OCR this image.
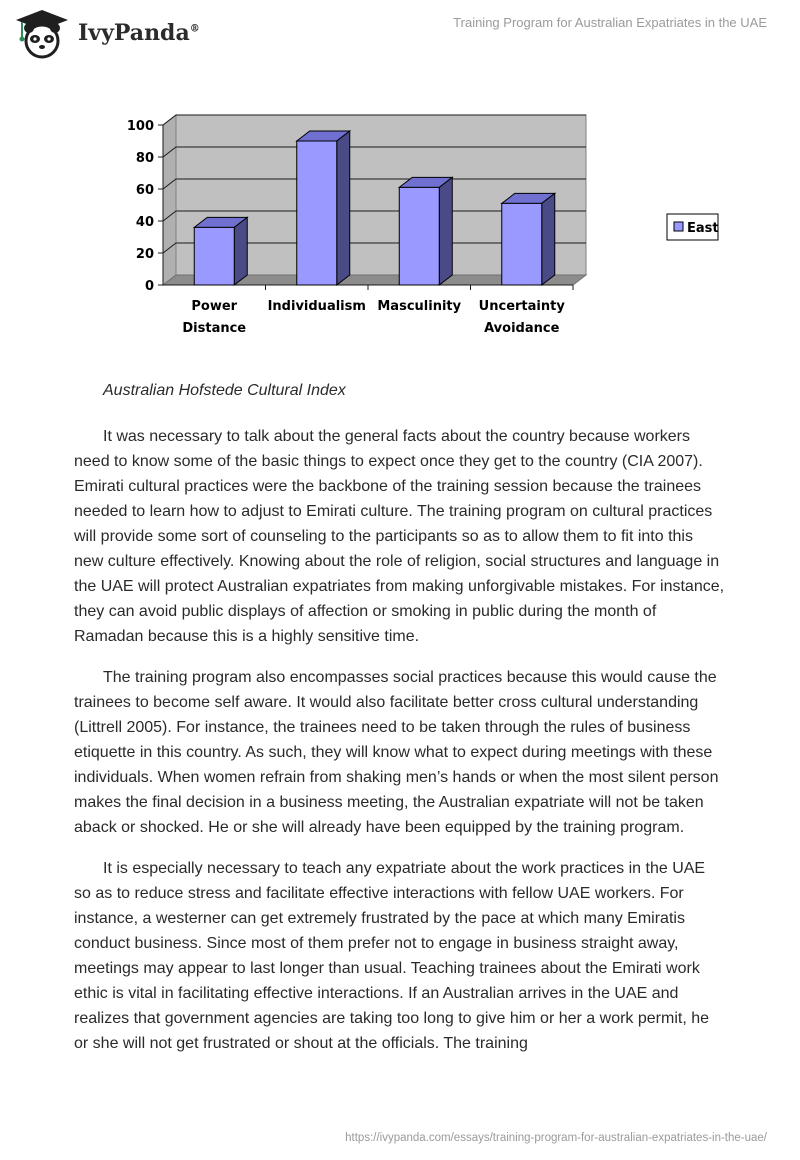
IvyPanda®	Training Program for Australian Expatriates in the UAE
0
20
40
60
80
100
Power Distance
Individualism Masculinity Uncertainty Avoidance
East
Australian Hofstede Cultural Index

It was necessary to talk about the general facts about the country because workers need to know some of the basic things to expect once they get to the country (CIA 2007). Emirati cultural practices were the backbone of the training session because the trainees needed to learn how to adjust to Emirati culture. The training program on cultural practices will provide some sort of counseling to the participants so as to allow them to fit into this new culture effectively. Knowing about the role of religion, social structures and language in the UAE will protect Australian expatriates from making unforgivable mistakes. For instance, they can avoid public displays of affection or smoking in public during the month of Ramadan because this is a highly sensitive time.

The training program also encompasses social practices because this would cause the trainees to become self aware. It would also facilitate better cross cultural understanding (Littrell 2005). For instance, the trainees need to be taken through the rules of business etiquette in this country. As such, they will know what to expect during meetings with these individuals. When women refrain from shaking men’s hands or when the most silent person makes the final decision in a business meeting, the Australian expatriate will not be taken aback or shocked. He or she will already have been equipped by the training program.

It is especially necessary to teach any expatriate about the work practices in the UAE so as to reduce stress and facilitate effective interactions with fellow UAE workers. For instance, a westerner can get extremely frustrated by the pace at which many Emiratis conduct business. Since most of them prefer not to engage in business straight away, meetings may appear to last longer than usual. Teaching trainees about the Emirati work ethic is vital in facilitating effective interactions. If an Australian arrives in the UAE and realizes that government agencies are taking too long to give him or her a work permit, he or she will not get frustrated or shout at the officials. The training

https://ivypanda.com/essays/training-program-for-australian-expatriates-in-the-uae/
